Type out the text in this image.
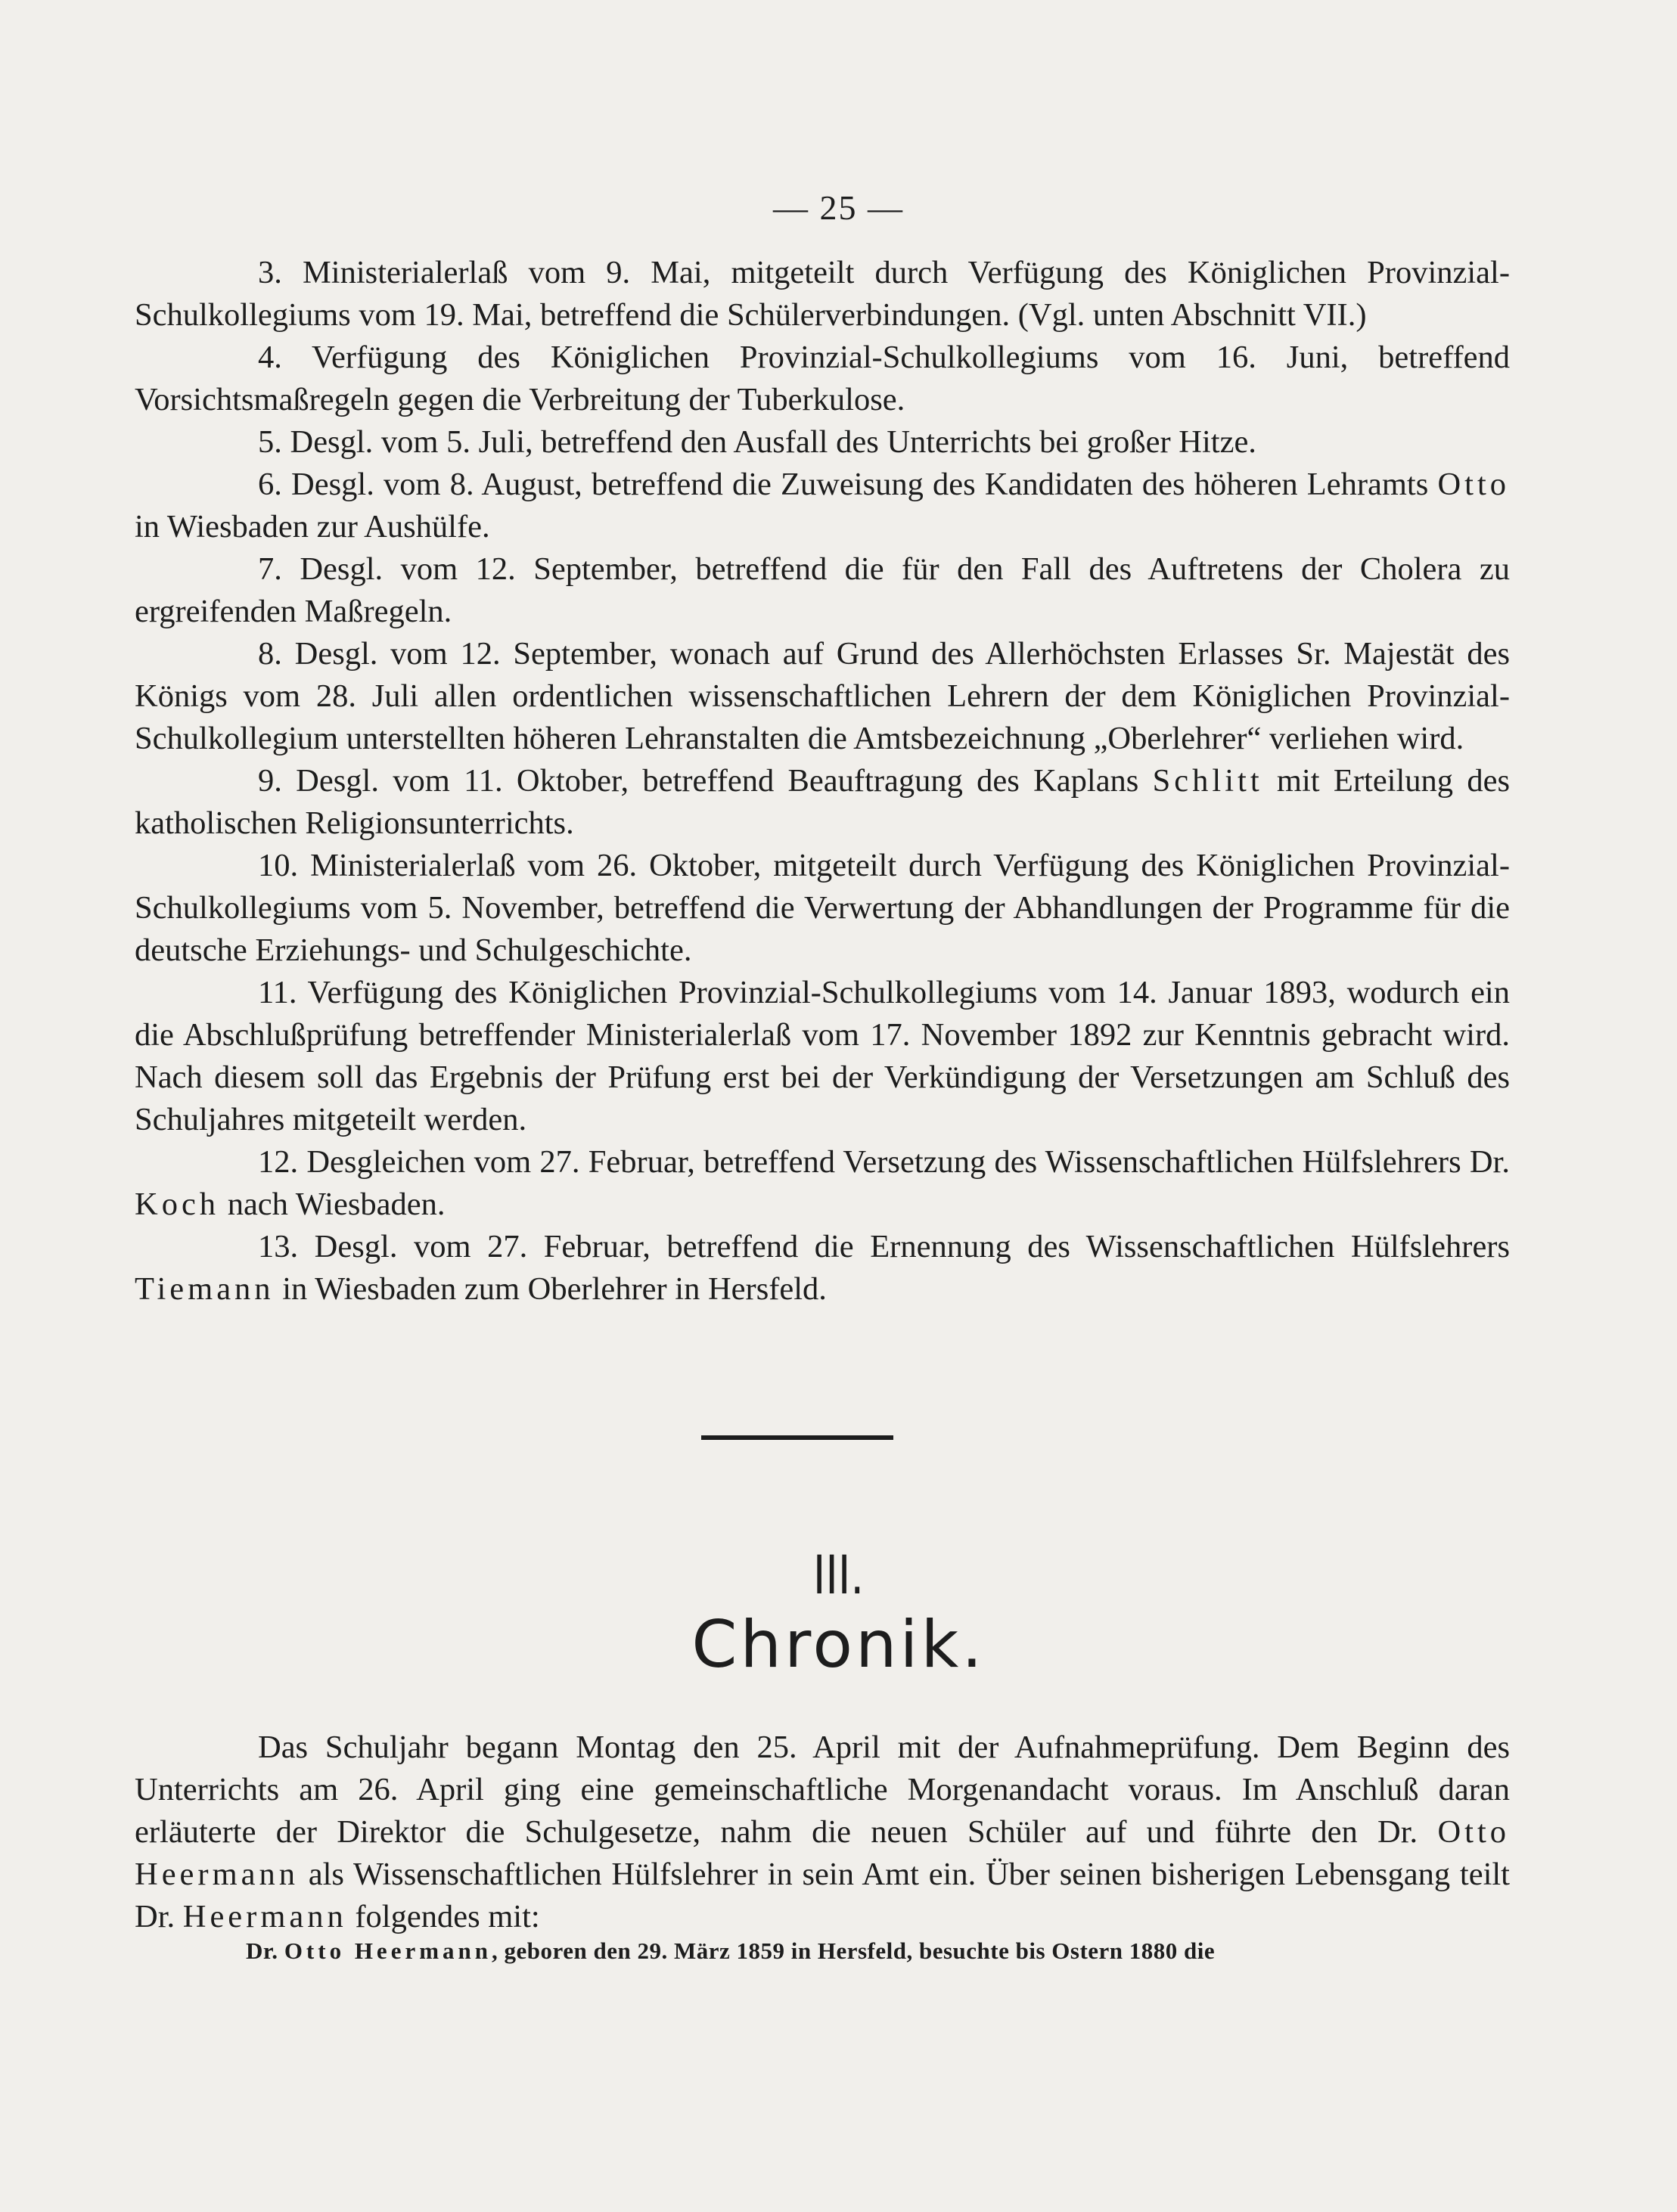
— 25 —

3. Ministerialerlaß vom 9. Mai, mitgeteilt durch Verfügung des Königlichen Provinzial-Schulkollegiums vom 19. Mai, betreffend die Schülerverbindungen. (Vgl. unten Abschnitt VII.)

4. Verfügung des Königlichen Provinzial-Schulkollegiums vom 16. Juni, betreffend Vorsichtsmaßregeln gegen die Verbreitung der Tuberkulose.

5. Desgl. vom 5. Juli, betreffend den Ausfall des Unterrichts bei großer Hitze.

6. Desgl. vom 8. August, betreffend die Zuweisung des Kandidaten des höheren Lehramts Otto in Wiesbaden zur Aushülfe.

7. Desgl. vom 12. September, betreffend die für den Fall des Auftretens der Cholera zu ergreifenden Maßregeln.

8. Desgl. vom 12. September, wonach auf Grund des Allerhöchsten Erlasses Sr. Majestät des Königs vom 28. Juli allen ordentlichen wissenschaftlichen Lehrern der dem Königlichen Provinzial-Schulkollegium unterstellten höheren Lehranstalten die Amtsbezeichnung „Oberlehrer“ verliehen wird.

9. Desgl. vom 11. Oktober, betreffend Beauftragung des Kaplans Schlitt mit Erteilung des katholischen Religionsunterrichts.

10. Ministerialerlaß vom 26. Oktober, mitgeteilt durch Verfügung des Königlichen Provinzial-Schulkollegiums vom 5. November, betreffend die Verwertung der Abhandlungen der Programme für die deutsche Erziehungs- und Schulgeschichte.

11. Verfügung des Königlichen Provinzial-Schulkollegiums vom 14. Januar 1893, wodurch ein die Abschlußprüfung betreffender Ministerialerlaß vom 17. November 1892 zur Kenntnis gebracht wird. Nach diesem soll das Ergebnis der Prüfung erst bei der Verkündigung der Versetzungen am Schluß des Schuljahres mitgeteilt werden.

12. Desgleichen vom 27. Februar, betreffend Versetzung des Wissenschaftlichen Hülfslehrers Dr. Koch nach Wiesbaden.

13. Desgl. vom 27. Februar, betreffend die Ernennung des Wissenschaftlichen Hülfslehrers Tiemann in Wiesbaden zum Oberlehrer in Hersfeld.

III.
Chronik.

Das Schuljahr begann Montag den 25. April mit der Aufnahmeprüfung. Dem Beginn des Unterrichts am 26. April ging eine gemeinschaftliche Morgenandacht voraus. Im Anschluß daran erläuterte der Direktor die Schulgesetze, nahm die neuen Schüler auf und führte den Dr. Otto Heermann als Wissenschaftlichen Hülfslehrer in sein Amt ein. Über seinen bisherigen Lebensgang teilt Dr. Heermann folgendes mit:

Dr. Otto Heermann, geboren den 29. März 1859 in Hersfeld, besuchte bis Ostern 1880 die
